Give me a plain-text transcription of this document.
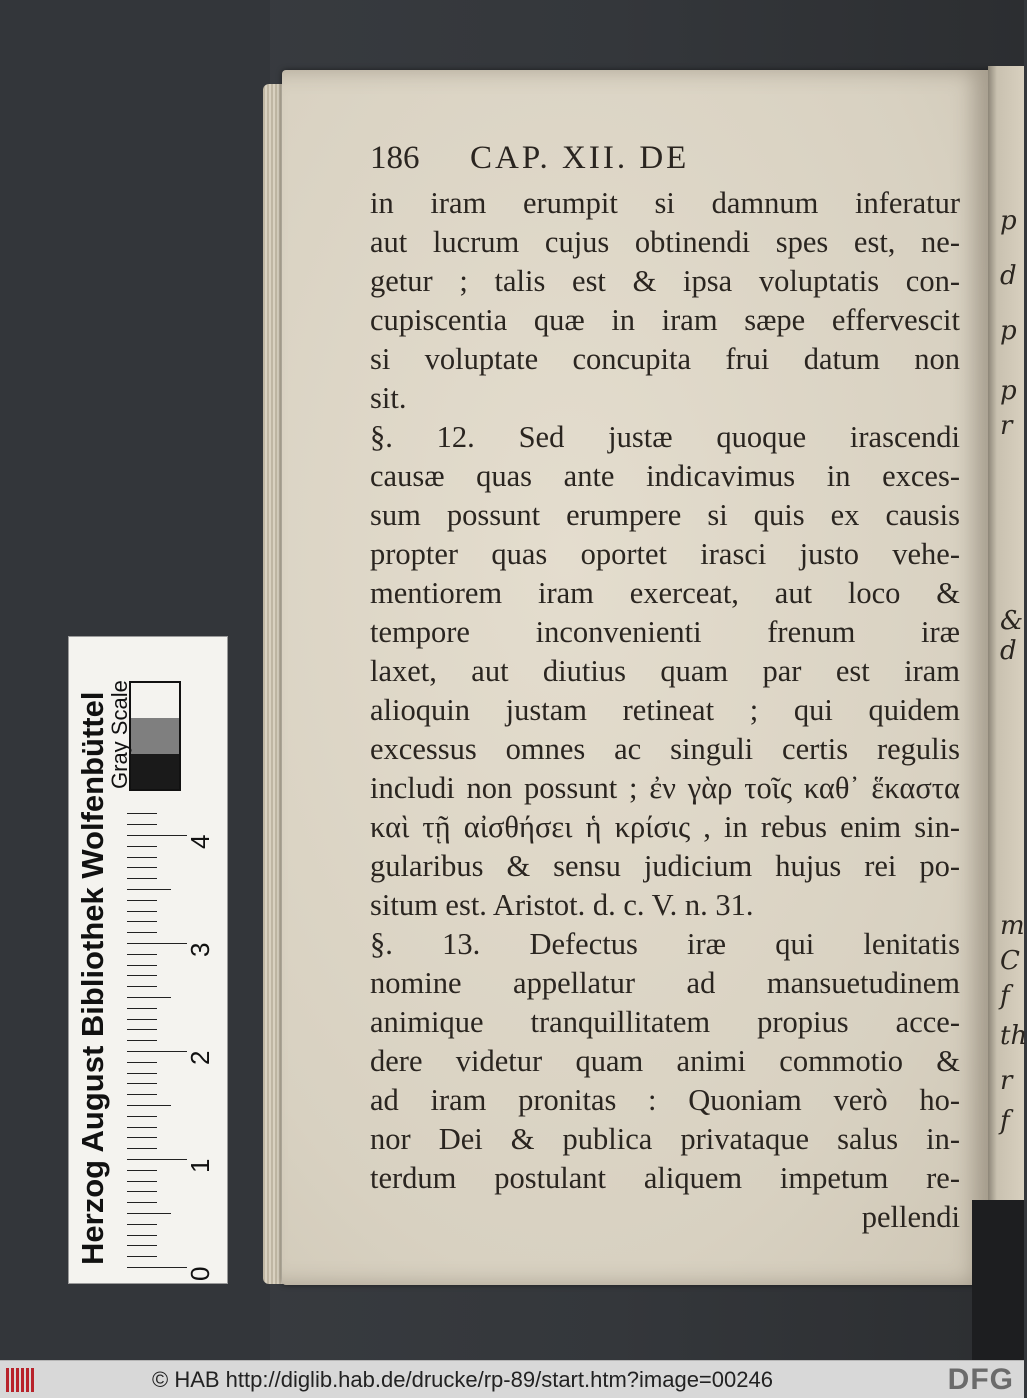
p
d
p
p
r
&
d
m
C
f
th
r
f
186	CAP. XII. DE
in iram erumpit si damnum inferatur
aut lucrum cujus obtinendi spes est, ne-
getur ; talis est & ipsa voluptatis con-
cupiscentia quæ in iram sæpe effervescit
si voluptate concupita frui datum non
sit.
§. 12. Sed justæ quoque irascendi
causæ quas ante indicavimus in exces-
sum possunt erumpere si quis ex causis
propter quas oportet irasci justo vehe-
mentiorem iram exerceat, aut loco &
tempore inconvenienti frenum iræ
laxet, aut diutius quam par est iram
alioquin justam retineat ; qui quidem
excessus omnes ac singuli certis regulis
includi non possunt ; ἐν γὰρ τοῖς καθ᾽ ἕκαστα
καὶ τῇ αἰσθήσει ἡ κρίσις , in rebus enim sin-
gularibus & sensu judicium hujus rei po-
situm est. Aristot. d. c. V. n. 31.
§. 13. Defectus iræ qui lenitatis
nomine appellatur ad mansuetudinem
animique tranquillitatem propius acce-
dere videtur quam animi commotio &
ad iram pronitas : Quoniam verò ho-
nor Dei & publica privataque salus in-
terdum postulant aliquem impetum re-
pellendi
Herzog August Bibliothek Wolfenbüttel
Gray Scale
0
1
2
3
4
© HAB http://diglib.hab.de/drucke/rp-89/start.htm?image=00246	DFG
